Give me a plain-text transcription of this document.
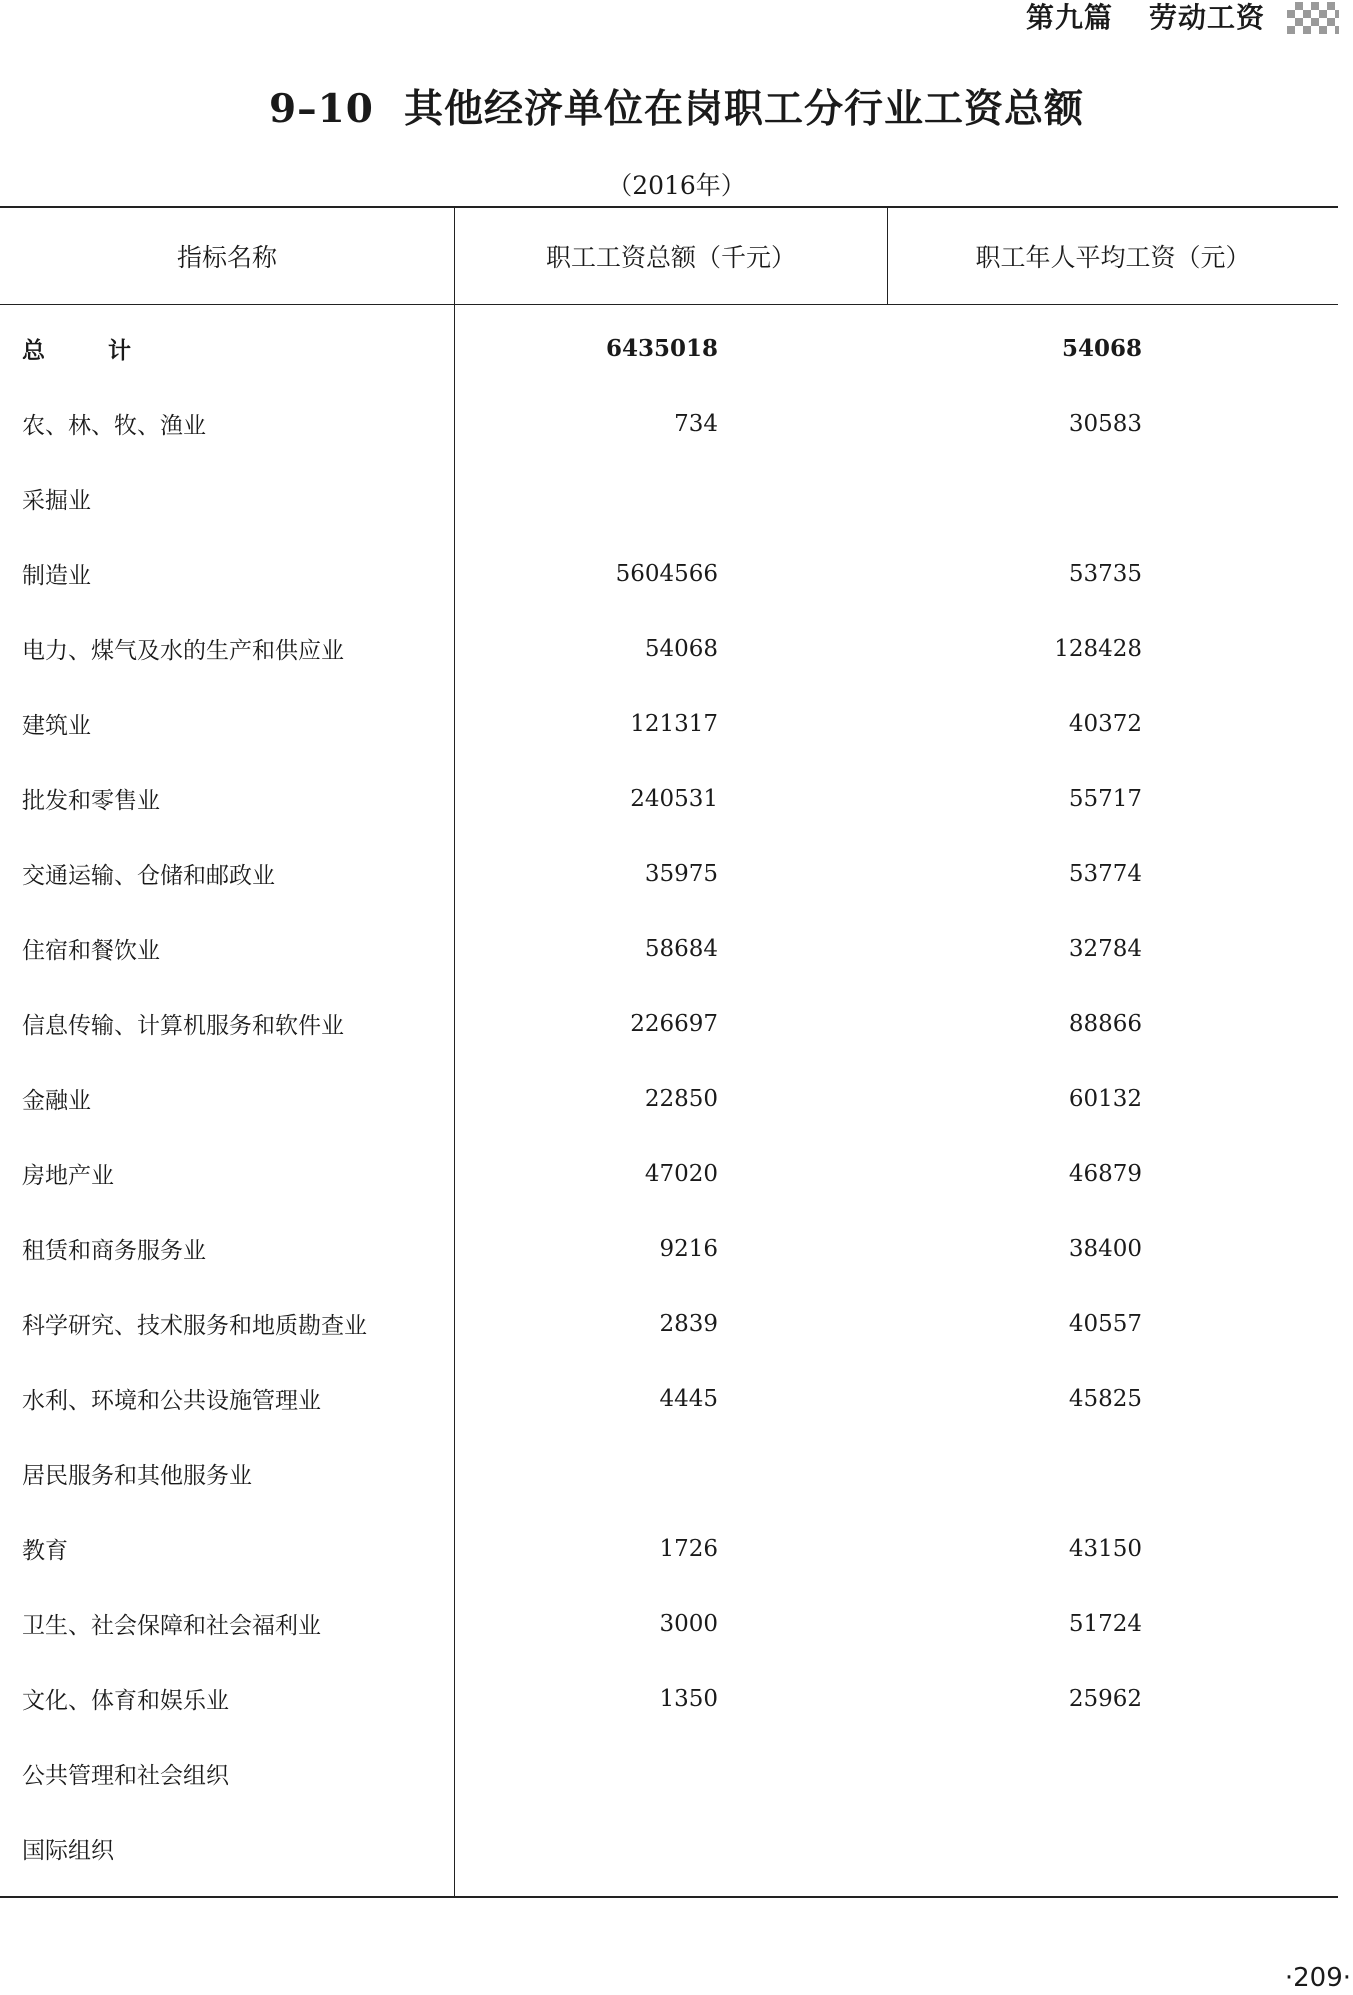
第九篇 劳动工资
9–10 其他经济单位在岗职工分行业工资总额
（2016年）
指标名称	职工工资总额（千元）	职工年人平均工资（元）
总　计	6435018	54068
农、林、牧、渔业	734	30583
采掘业
制造业	5604566	53735
电力、煤气及水的生产和供应业	54068	128428
建筑业	121317	40372
批发和零售业	240531	55717
交通运输、仓储和邮政业	35975	53774
住宿和餐饮业	58684	32784
信息传输、计算机服务和软件业	226697	88866
金融业	22850	60132
房地产业	47020	46879
租赁和商务服务业	9216	38400
科学研究、技术服务和地质勘查业	2839	40557
水利、环境和公共设施管理业	4445	45825
居民服务和其他服务业
教育	1726	43150
卫生、社会保障和社会福利业	3000	51724
文化、体育和娱乐业	1350	25962
公共管理和社会组织
国际组织
·209·
